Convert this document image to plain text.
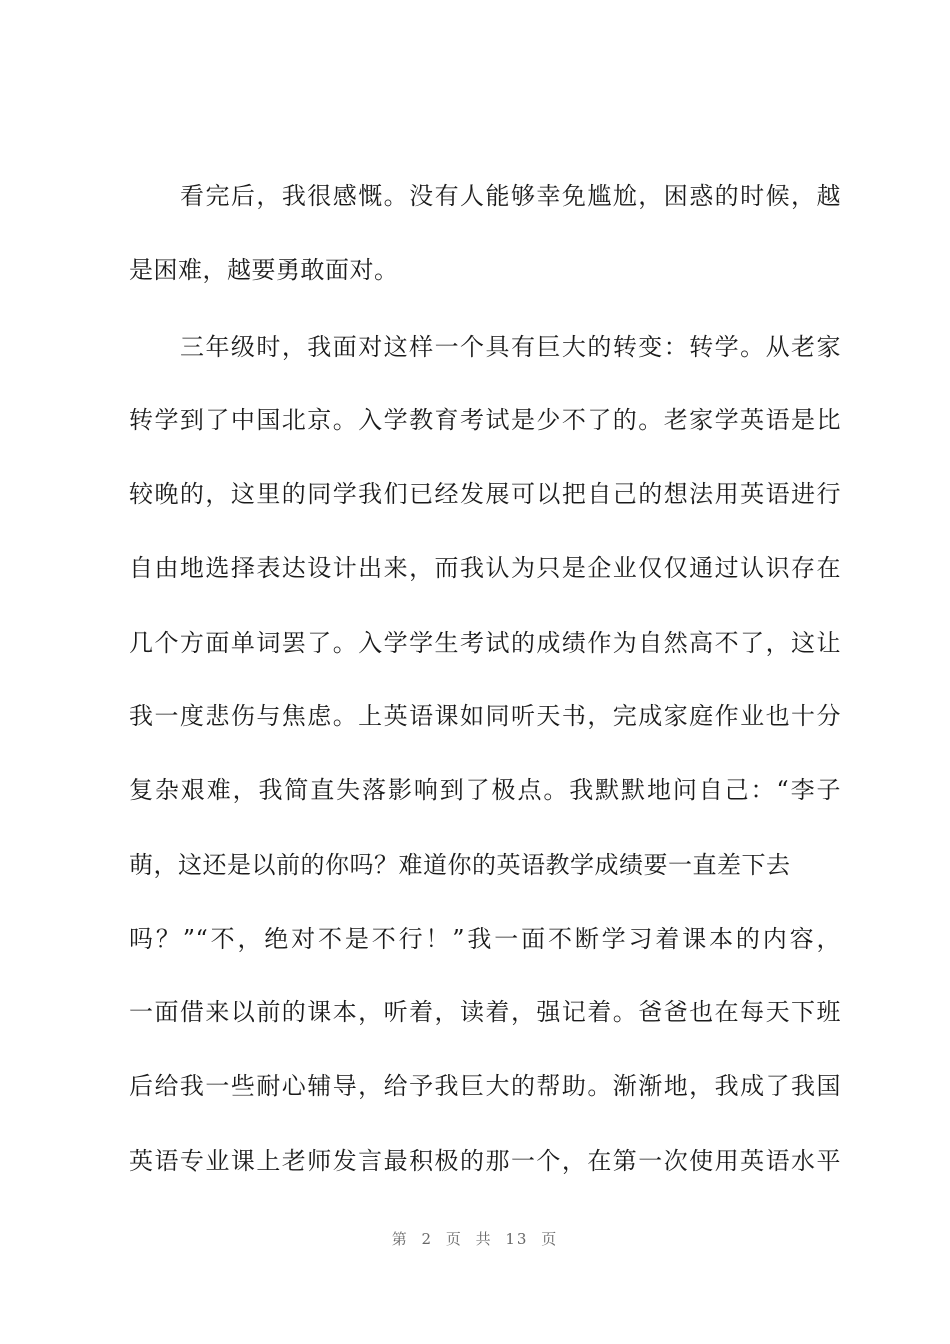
看完后，我很感慨。没有人能够幸免尴尬，困惑的时候，越
是困难，越要勇敢面对。
三年级时，我面对这样一个具有巨大的转变：转学。从老家
转学到了中国北京。入学教育考试是少不了的。老家学英语是比
较晚的，这里的同学我们已经发展可以把自己的想法用英语进行
自由地选择表达设计出来，而我认为只是企业仅仅通过认识存在
几个方面单词罢了。入学学生考试的成绩作为自然高不了，这让
我一度悲伤与焦虑。上英语课如同听天书，完成家庭作业也十分
复杂艰难，我简直失落影响到了极点。我默默地问自己：“李子
萌，这还是以前的你吗？难道你的英语教学成绩要一直差下去
吗？”“不，绝对不是不行！”我一面不断学习着课本的内容，
一面借来以前的课本，听着，读着，强记着。爸爸也在每天下班
后给我一些耐心辅导，给予我巨大的帮助。渐渐地，我成了我国
英语专业课上老师发言最积极的那一个，在第一次使用英语水平
第 2 页 共 13 页
